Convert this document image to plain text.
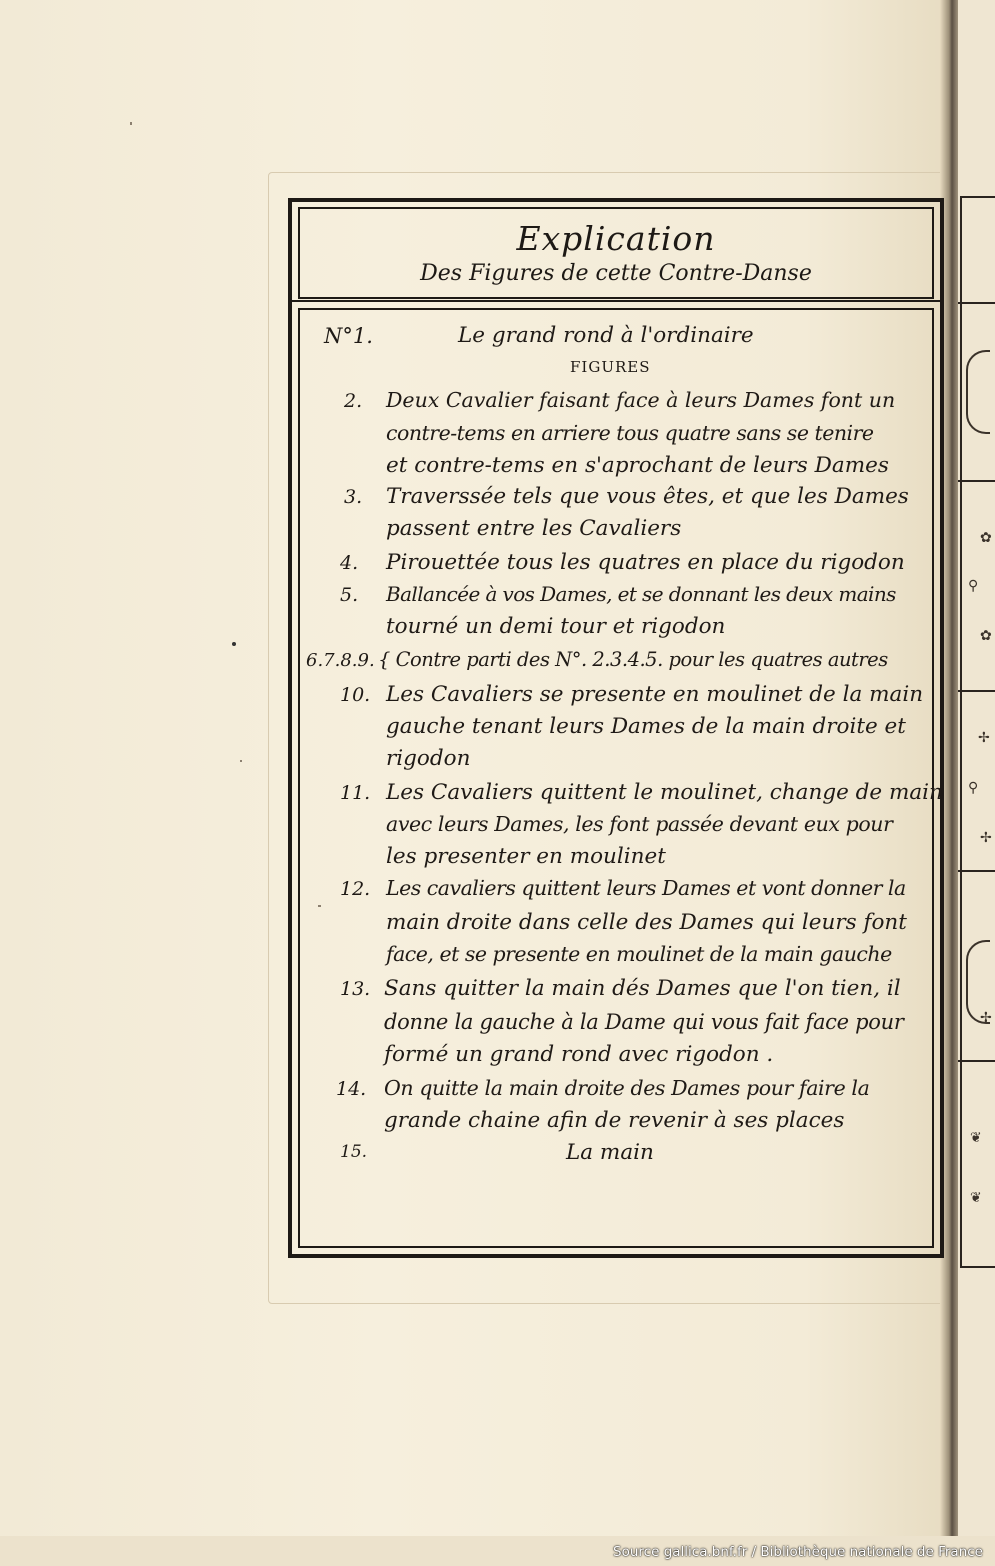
✿
⚲
✿
✢
⚲
✢
✢
❦
❦
Explication
Des Figures de cette Contre-Danse
FIGURES
N°1.	Le grand rond à l'ordinaire
2. Deux Cavalier faisant face à leurs Dames font un
contre-tems en arriere tous quatre sans se tenire
et contre-tems en s'aprochant de leurs Dames
3. Traverssée tels que vous êtes, et que les Dames
passent entre les Cavaliers
4. Pirouettée tous les quatres en place du rigodon
5. Ballancée à vos Dames, et se donnant les deux mains
tourné un demi tour et rigodon
6.7.8.9. { Contre parti des N°. 2.3.4.5. pour les quatres autres
10. Les Cavaliers se presente en moulinet de la main
gauche tenant leurs Dames de la main droite et
rigodon
11. Les Cavaliers quittent le moulinet, change de main
avec leurs Dames, les font passée devant eux pour
les presenter en moulinet
12. Les cavaliers quittent leurs Dames et vont donner la
main droite dans celle des Dames qui leurs font
face, et se presente en moulinet de la main gauche
13. Sans quitter la main dés Dames que l'on tien, il
donne la gauche à la Dame qui vous fait face pour
formé un grand rond avec rigodon .
14. On quitte la main droite des Dames pour faire la
grande chaine afin de revenir à ses places
15.	La main
Source gallica.bnf.fr / Bibliothèque nationale de France
